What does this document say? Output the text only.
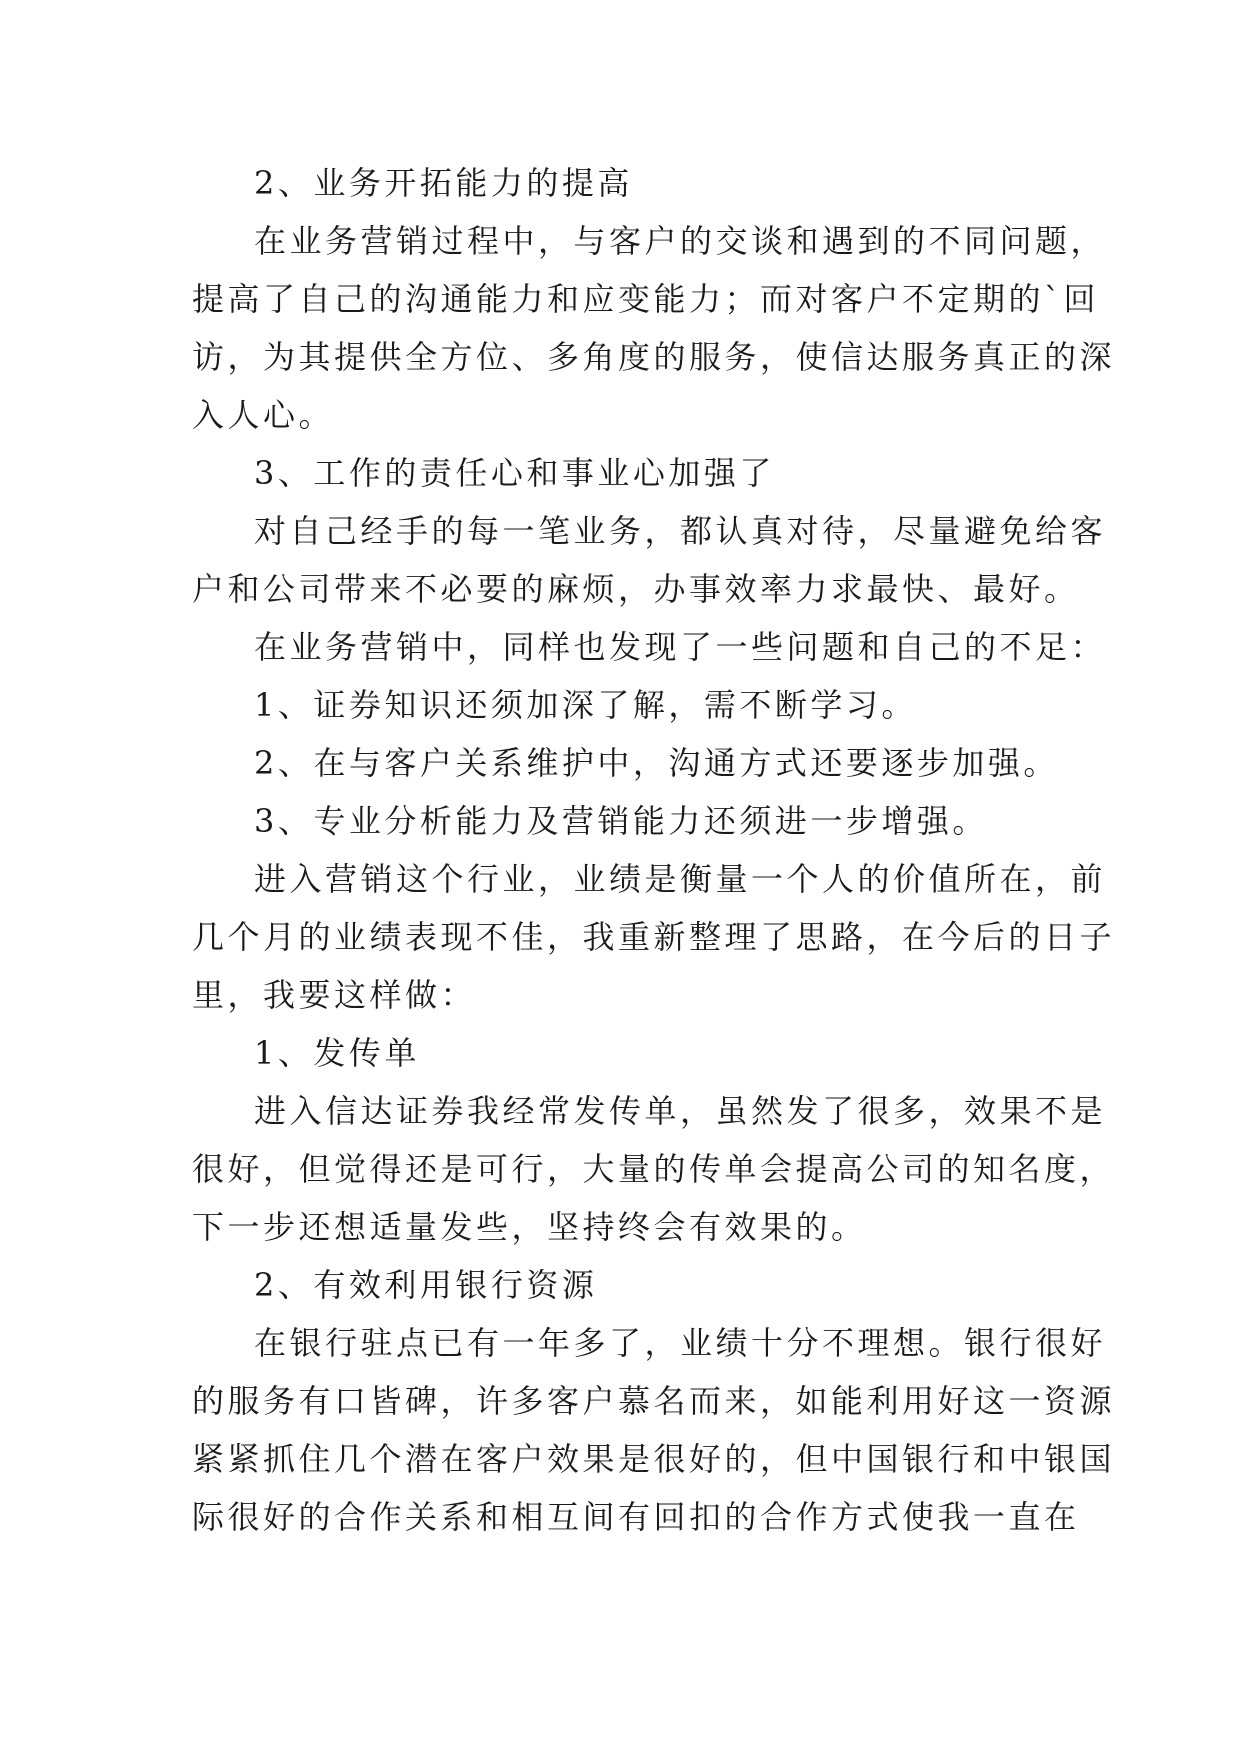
2、业务开拓能力的提高
在业务营销过程中，与客户的交谈和遇到的不同问题，
提高了自己的沟通能力和应变能力；而对客户不定期的`回
访，为其提供全方位、多角度的服务，使信达服务真正的深
入人心。
3、工作的责任心和事业心加强了
对自己经手的每一笔业务，都认真对待，尽量避免给客
户和公司带来不必要的麻烦，办事效率力求最快、最好。
在业务营销中，同样也发现了一些问题和自己的不足：
1、证券知识还须加深了解，需不断学习。
2、在与客户关系维护中，沟通方式还要逐步加强。
3、专业分析能力及营销能力还须进一步增强。
进入营销这个行业，业绩是衡量一个人的价值所在，前
几个月的业绩表现不佳，我重新整理了思路，在今后的日子
里，我要这样做：
1、发传单
进入信达证券我经常发传单，虽然发了很多，效果不是
很好，但觉得还是可行，大量的传单会提高公司的知名度，
下一步还想适量发些，坚持终会有效果的。
2、有效利用银行资源
在银行驻点已有一年多了，业绩十分不理想。银行很好
的服务有口皆碑，许多客户慕名而来，如能利用好这一资源
紧紧抓住几个潜在客户效果是很好的，但中国银行和中银国
际很好的合作关系和相互间有回扣的合作方式使我一直在
